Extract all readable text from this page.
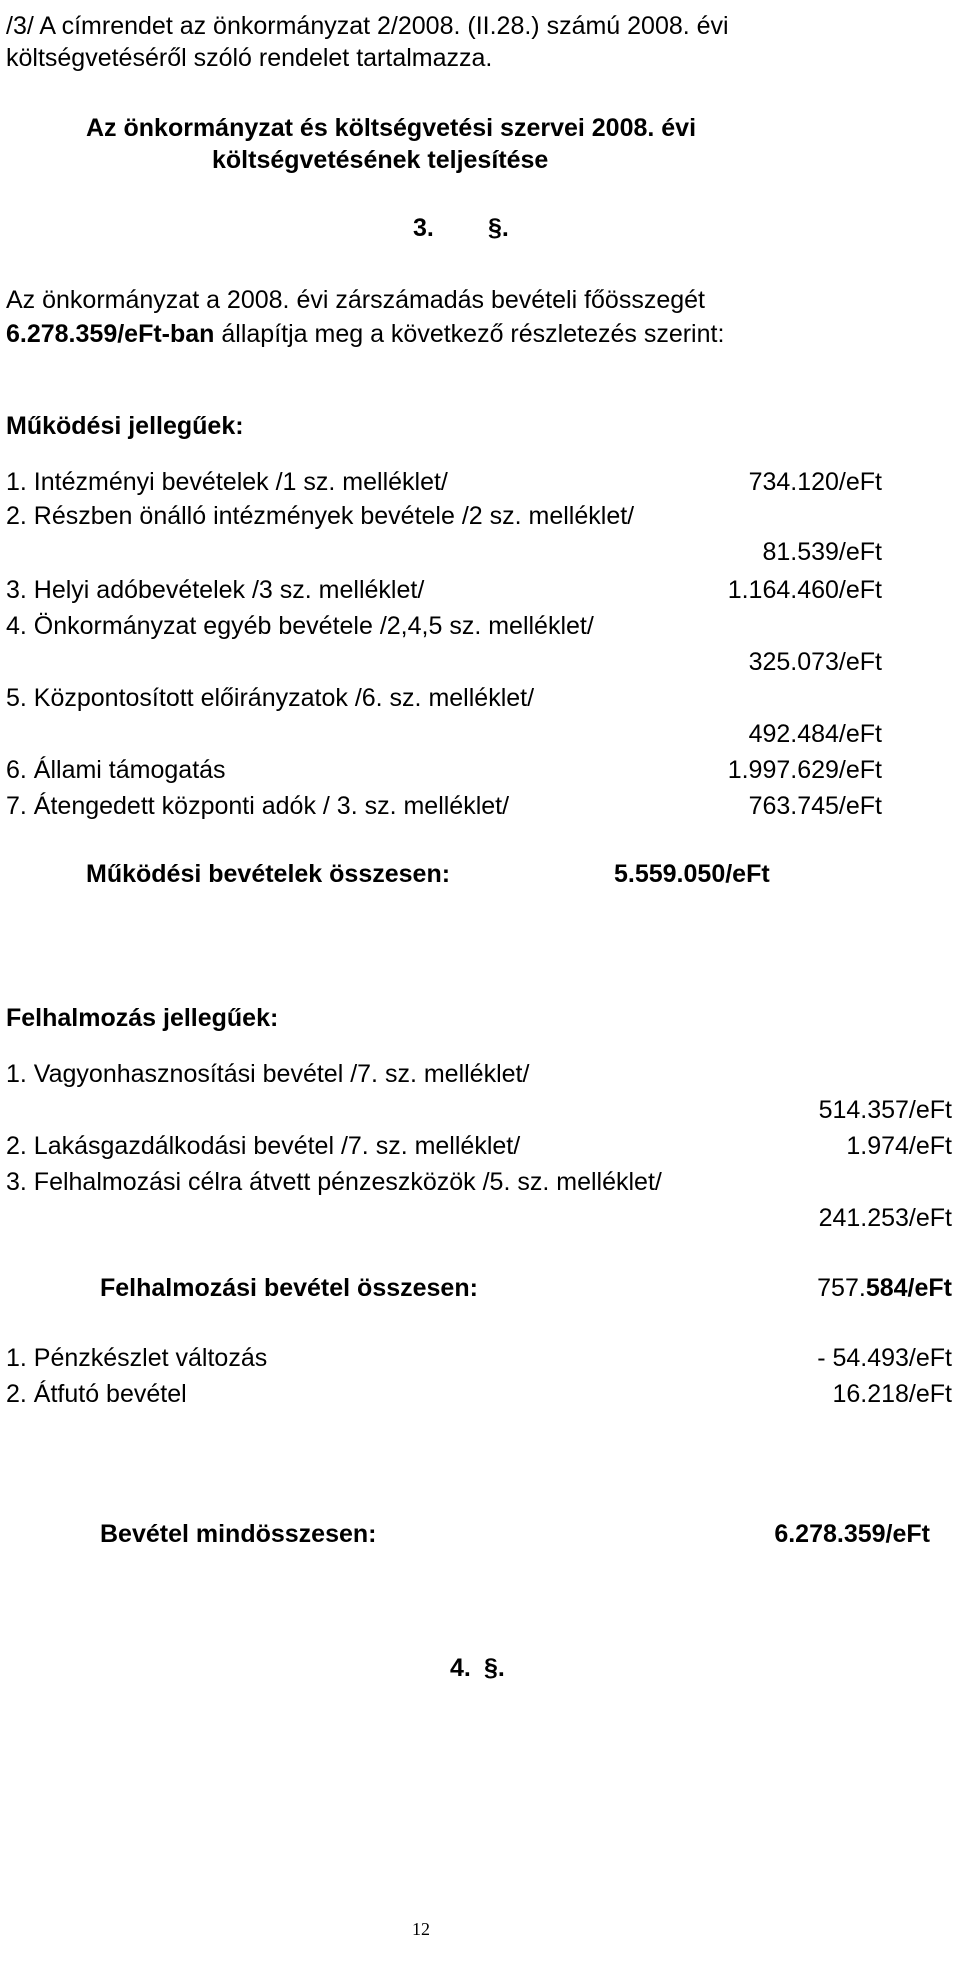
/3/ A címrendet az önkormányzat 2/2008. (II.28.) számú 2008. évi
költségvetéséről szóló rendelet tartalmazza.
Az önkormányzat és költségvetési szervei 2008. évi
költségvetésének teljesítése
3. §.
Az önkormányzat a 2008. évi zárszámadás bevételi főösszegét
6.278.359/eFt-ban állapítja meg a következő részletezés szerint:
Működési jellegűek:
1. Intézményi bevételek /1 sz. melléklet/	734.120/eFt
2. Részben önálló intézmények bevétele /2 sz. melléklet/
81.539/eFt
3. Helyi adóbevételek /3 sz. melléklet/	1.164.460/eFt
4. Önkormányzat egyéb bevétele /2,4,5 sz. melléklet/
325.073/eFt
5. Központosított előirányzatok /6. sz. melléklet/
492.484/eFt
6. Állami támogatás	1.997.629/eFt
7. Átengedett központi adók / 3. sz. melléklet/	763.745/eFt
Működési bevételek összesen:	5.559.050/eFt
Felhalmozás jellegűek:
1. Vagyonhasznosítási bevétel /7. sz. melléklet/
514.357/eFt
2. Lakásgazdálkodási bevétel /7. sz. melléklet/	1.974/eFt
3. Felhalmozási célra átvett pénzeszközök /5. sz. melléklet/
241.253/eFt
Felhalmozási bevétel összesen:	757.584/eFt
1. Pénzkészlet változás	- 54.493/eFt
2. Átfutó bevétel	16.218/eFt
Bevétel mindösszesen:	6.278.359/eFt
4. §.
12
